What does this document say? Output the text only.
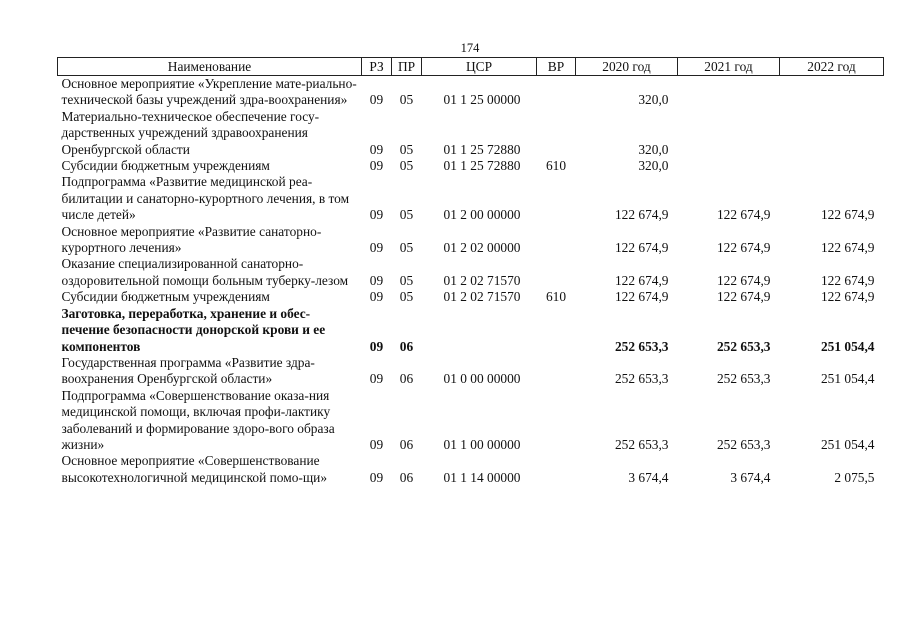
174
Наименование	РЗ	ПР	ЦСР	ВР	2020 год	2021 год	2022 год
Основное мероприятие «Укрепление мате-риально-технической базы учреждений здра-воохранения»	09	05	01 1 25 00000		320,0		
Материально-техническое обеспечение госу-дарственных учреждений здравоохранения Оренбургской области	09	05	01 1 25 72880		320,0		
Субсидии бюджетным учреждениям	09	05	01 1 25 72880	610	320,0		
Подпрограмма «Развитие медицинской реа-билитации и санаторно-курортного лечения, в том числе детей»	09	05	01 2 00 00000		122 674,9	122 674,9	122 674,9
Основное мероприятие «Развитие санаторно-курортного лечения»	09	05	01 2 02 00000		122 674,9	122 674,9	122 674,9
Оказание специализированной санаторно-оздоровительной помощи больным туберку-лезом	09	05	01 2 02 71570		122 674,9	122 674,9	122 674,9
Субсидии бюджетным учреждениям	09	05	01 2 02 71570	610	122 674,9	122 674,9	122 674,9
Заготовка, переработка, хранение и обес-печение безопасности донорской крови и ее компонентов	09	06			252 653,3	252 653,3	251 054,4
Государственная программа «Развитие здра-воохранения Оренбургской области»	09	06	01 0 00 00000		252 653,3	252 653,3	251 054,4
Подпрограмма «Совершенствование оказа-ния медицинской помощи, включая профи-лактику заболеваний и формирование здоро-вого образа жизни»	09	06	01 1 00 00000		252 653,3	252 653,3	251 054,4
Основное мероприятие «Совершенствование высокотехнологичной медицинской помо-щи»	09	06	01 1 14 00000		3 674,4	3 674,4	2 075,5
